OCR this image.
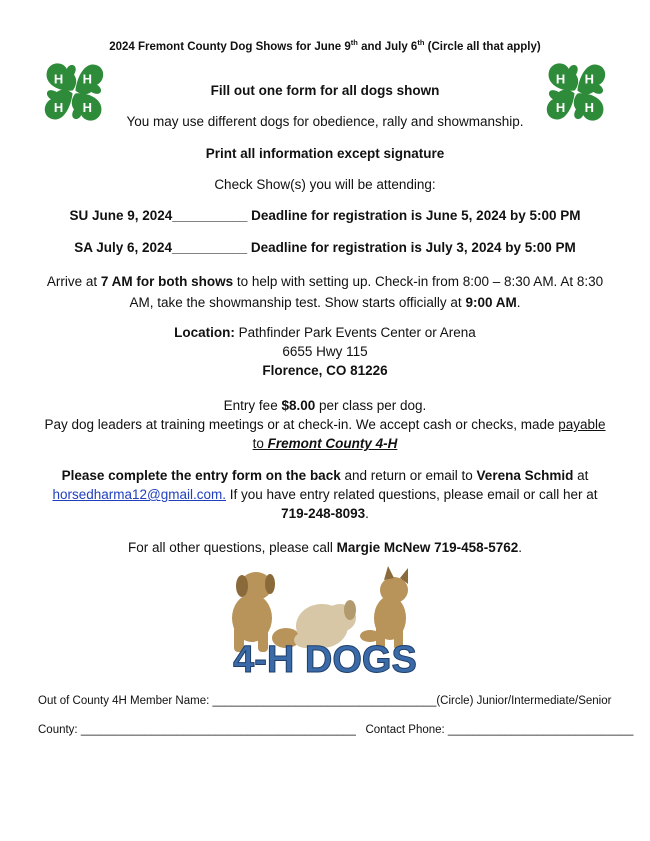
2024 Fremont County Dog Shows for June 9th and July 6th (Circle all that apply)
H H
H H
H H
H H
Fill out one form for all dogs shown
You may use different dogs for obedience, rally and showmanship.
Print all information except signature
Check Show(s) you will be attending:
SU June 9, 2024__________ Deadline for registration is June 5, 2024 by 5:00 PM
SA July 6, 2024__________ Deadline for registration is July 3, 2024 by 5:00 PM
Arrive at 7 AM for both shows to help with setting up. Check-in from 8:00 – 8:30 AM. At 8:30
AM, take the showmanship test. Show starts officially at 9:00 AM.
Location: Pathfinder Park Events Center or Arena
6655 Hwy 115
Florence, CO 81226
Entry fee $8.00 per class per dog.
Pay dog leaders at training meetings or at check-in. We accept cash or checks, made payable
to Fremont County 4-H
Please complete the entry form on the back and return or email to Verena Schmid at
horsedharma12@gmail.com. If you have entry related questions, please email or call her at
719-248-8093.
For all other questions, please call Margie McNew 719-458-5762.
4-H DOGS
Out of County 4H Member Name: ___________________________________(Circle) Junior/Intermediate/Senior
County: ___________________________________________ Contact Phone: _____________________________
